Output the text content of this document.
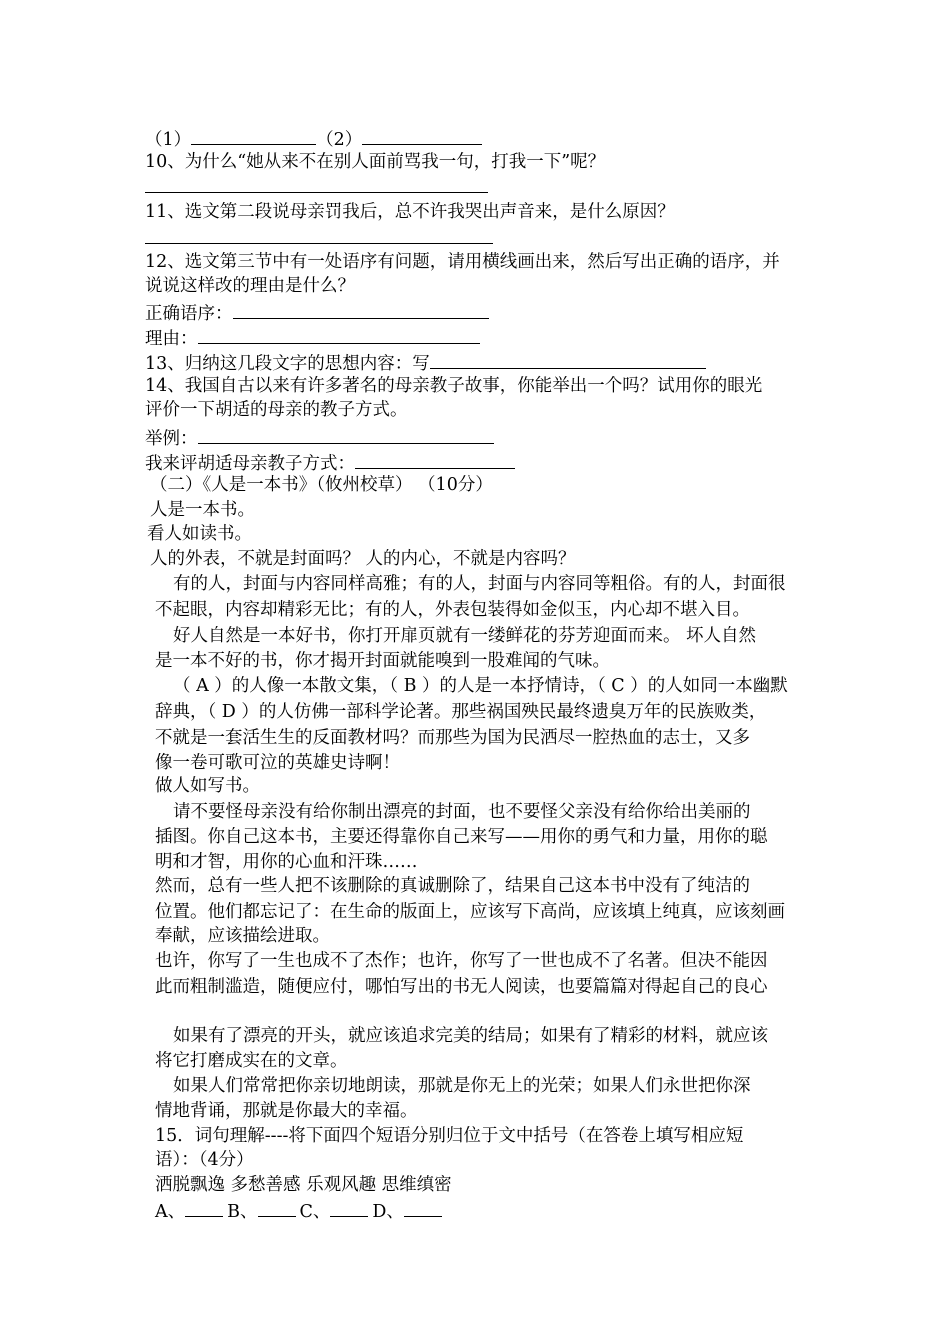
（1）	（2）
10、为什么“她从来不在别人面前骂我一句，打我一下”呢？
11、选文第二段说母亲罚我后，总不许我哭出声音来，是什么原因？
12、选文第三节中有一处语序有问题，请用横线画出来，然后写出正确的语序，并
说说这样改的理由是什么？
正确语序：
理由：
13、归纳这几段文字的思想内容：写
14、我国自古以来有许多著名的母亲教子故事，你能举出一个吗？试用你的眼光
评价一下胡适的母亲的教子方式。
举例：
我来评胡适母亲教子方式：
（二）《人是一本书》（攸州校草） （10分）
人是一本书。
看人如读书。
人的外表，不就是封面吗？ 人的内心，不就是内容吗？
有的人，封面与内容同样高雅；有的人，封面与内容同等粗俗。有的人，封面很
不起眼，内容却精彩无比；有的人，外表包装得如金似玉，内心却不堪入目。
好人自然是一本好书，你打开扉页就有一缕鲜花的芬芳迎面而来。 坏人自然
是一本不好的书，你才揭开封面就能嗅到一股难闻的气味。
（ A ）的人像一本散文集，（ B ）的人是一本抒情诗，（ C ）的人如同一本幽默
辞典，（ D ）的人仿佛一部科学论著。那些祸国殃民最终遗臭万年的民族败类，
不就是一套活生生的反面教材吗？而那些为国为民洒尽一腔热血的志士，又多
像一卷可歌可泣的英雄史诗啊！
做人如写书。
请不要怪母亲没有给你制出漂亮的封面，也不要怪父亲没有给你给出美丽的
插图。你自己这本书，主要还得靠你自己来写——用你的勇气和力量，用你的聪
明和才智，用你的心血和汗珠……
然而，总有一些人把不该删除的真诚删除了，结果自己这本书中没有了纯洁的
位置。他们都忘记了：在生命的版面上，应该写下高尚，应该填上纯真，应该刻画
奉献，应该描绘进取。
也许，你写了一生也成不了杰作；也许，你写了一世也成不了名著。但决不能因
此而粗制滥造，随便应付，哪怕写出的书无人阅读，也要篇篇对得起自己的良心
如果有了漂亮的开头，就应该追求完美的结局；如果有了精彩的材料，就应该
将它打磨成实在的文章。
如果人们常常把你亲切地朗读，那就是你无上的光荣；如果人们永世把你深
情地背诵，那就是你最大的幸福。
15．词句理解----将下面四个短语分别归位于文中括号（在答卷上填写相应短
语）：（4分）
洒脱飘逸 多愁善感 乐观风趣 思维缜密
A、 B、 C、 D、
